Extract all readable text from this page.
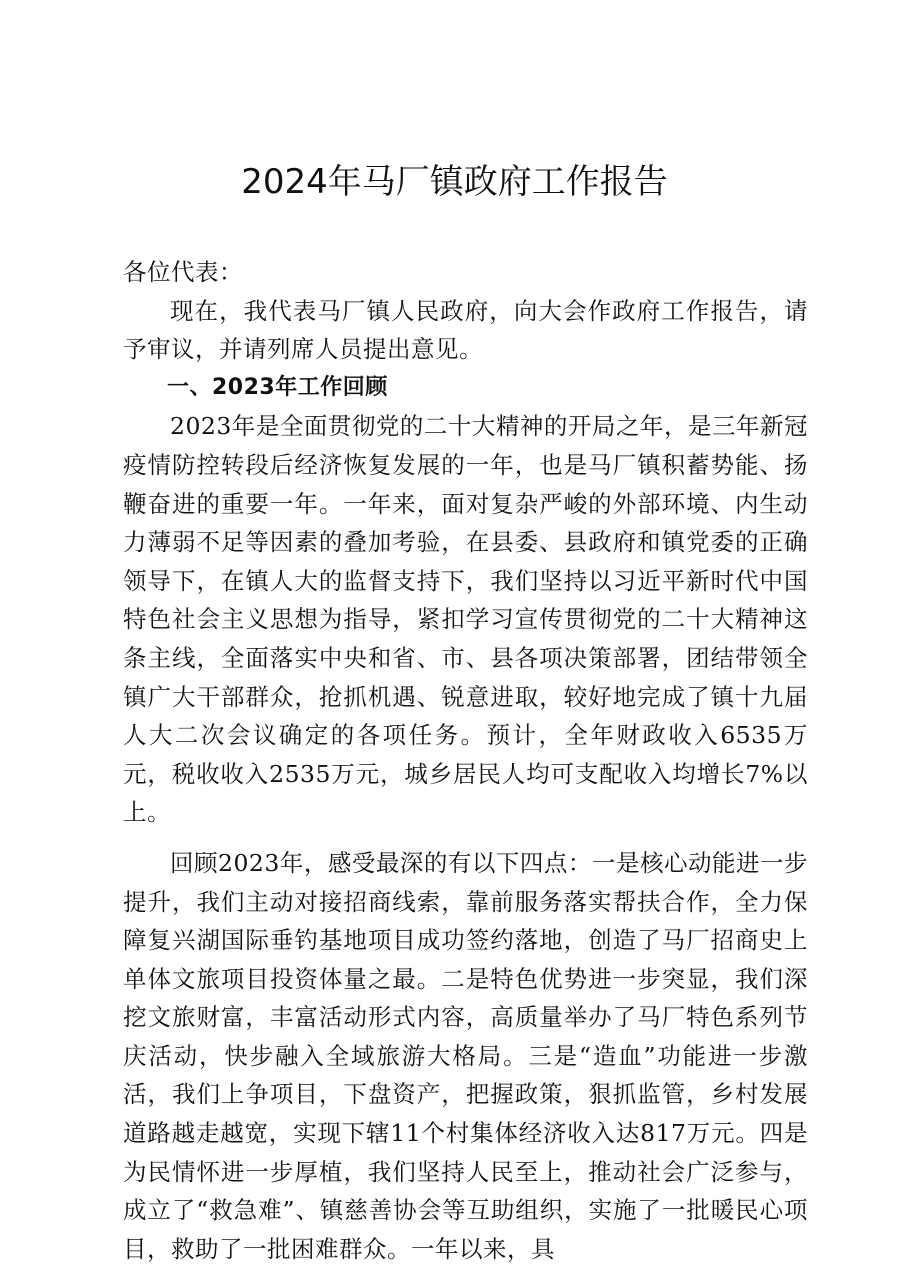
2024年马厂镇政府工作报告

各位代表：

现在，我代表马厂镇人民政府，向大会作政府工作报告，请予审议，并请列席人员提出意见。

一、2023年工作回顾

2023年是全面贯彻党的二十大精神的开局之年，是三年新冠疫情防控转段后经济恢复发展的一年，也是马厂镇积蓄势能、扬鞭奋进的重要一年。一年来，面对复杂严峻的外部环境、内生动力薄弱不足等因素的叠加考验，在县委、县政府和镇党委的正确领导下，在镇人大的监督支持下，我们坚持以习近平新时代中国特色社会主义思想为指导，紧扣学习宣传贯彻党的二十大精神这条主线，全面落实中央和省、市、县各项决策部署，团结带领全镇广大干部群众，抢抓机遇、锐意进取，较好地完成了镇十九届人大二次会议确定的各项任务。预计，全年财政收入6535万元，税收收入2535万元，城乡居民人均可支配收入均增长7%以上。

回顾2023年，感受最深的有以下四点：一是核心动能进一步提升，我们主动对接招商线索，靠前服务落实帮扶合作，全力保障复兴湖国际垂钓基地项目成功签约落地，创造了马厂招商史上单体文旅项目投资体量之最。二是特色优势进一步突显，我们深挖文旅财富，丰富活动形式内容，高质量举办了马厂特色系列节庆活动，快步融入全域旅游大格局。三是“造血”功能进一步激活，我们上争项目，下盘资产，把握政策，狠抓监管，乡村发展道路越走越宽，实现下辖11个村集体经济收入达817万元。四是为民情怀进一步厚植，我们坚持人民至上，推动社会广泛参与，成立了“救急难”、镇慈善协会等互助组织，实施了一批暖民心项目，救助了一批困难群众。一年以来，具
